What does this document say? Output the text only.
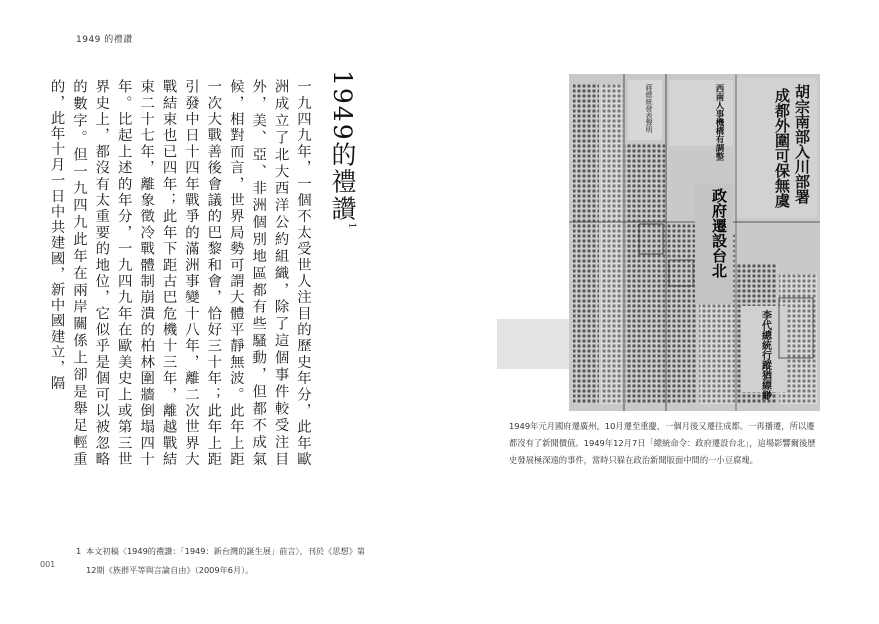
1949 的禮讚
1949的禮讚$^1$
一九四九年，一個不太受世人注目的歷史年分，此年歐洲成立了北大西洋公約組織，除了這個事件較受注目外，美、亞、非洲個別地區都有些騷動，但都不成氣候，相對而言，世界局勢可謂大體平靜無波。此年上距一次大戰善後會議的巴黎和會，恰好三十年；此年上距引發中日十四年戰爭的滿洲事變十八年，離二次世界大戰結束也已四年；此年下距古巴危機十三年，離越戰結束二十七年，離象徵冷戰體制崩潰的柏林圍牆倒塌四十年。比起上述的年分，一九四九年在歐美史上或第三世界史上，都沒有太重要的地位，它似乎是個可以被忽略的數字。但一九四九此年在兩岸關係上卻是舉足輕重的，此年十月一日中共建國，新中國建立，隔	胡宗南部入川部署
成都外圍可保無虞
政府遷設台北
西南人事機構有調整
蔣總統發表聲明
李代總統行蹤猶縹緲
1949年元月國府遷廣州，10月遷至重慶，一個月後又遷往成都。一再播遷，所以遷都沒有了新聞價值。1949年12月7日「總統命令：政府遷設台北」，這場影響爾後歷史發展極深遠的事件，當時只躲在政治新聞版面中間的一小豆腐塊。
1 本文初稿〈1949的禮讚：「1949：新台灣的誕生展」前言〉，刊於《思想》第
12期《族群平等與言論自由》（2009年6月）。
001
